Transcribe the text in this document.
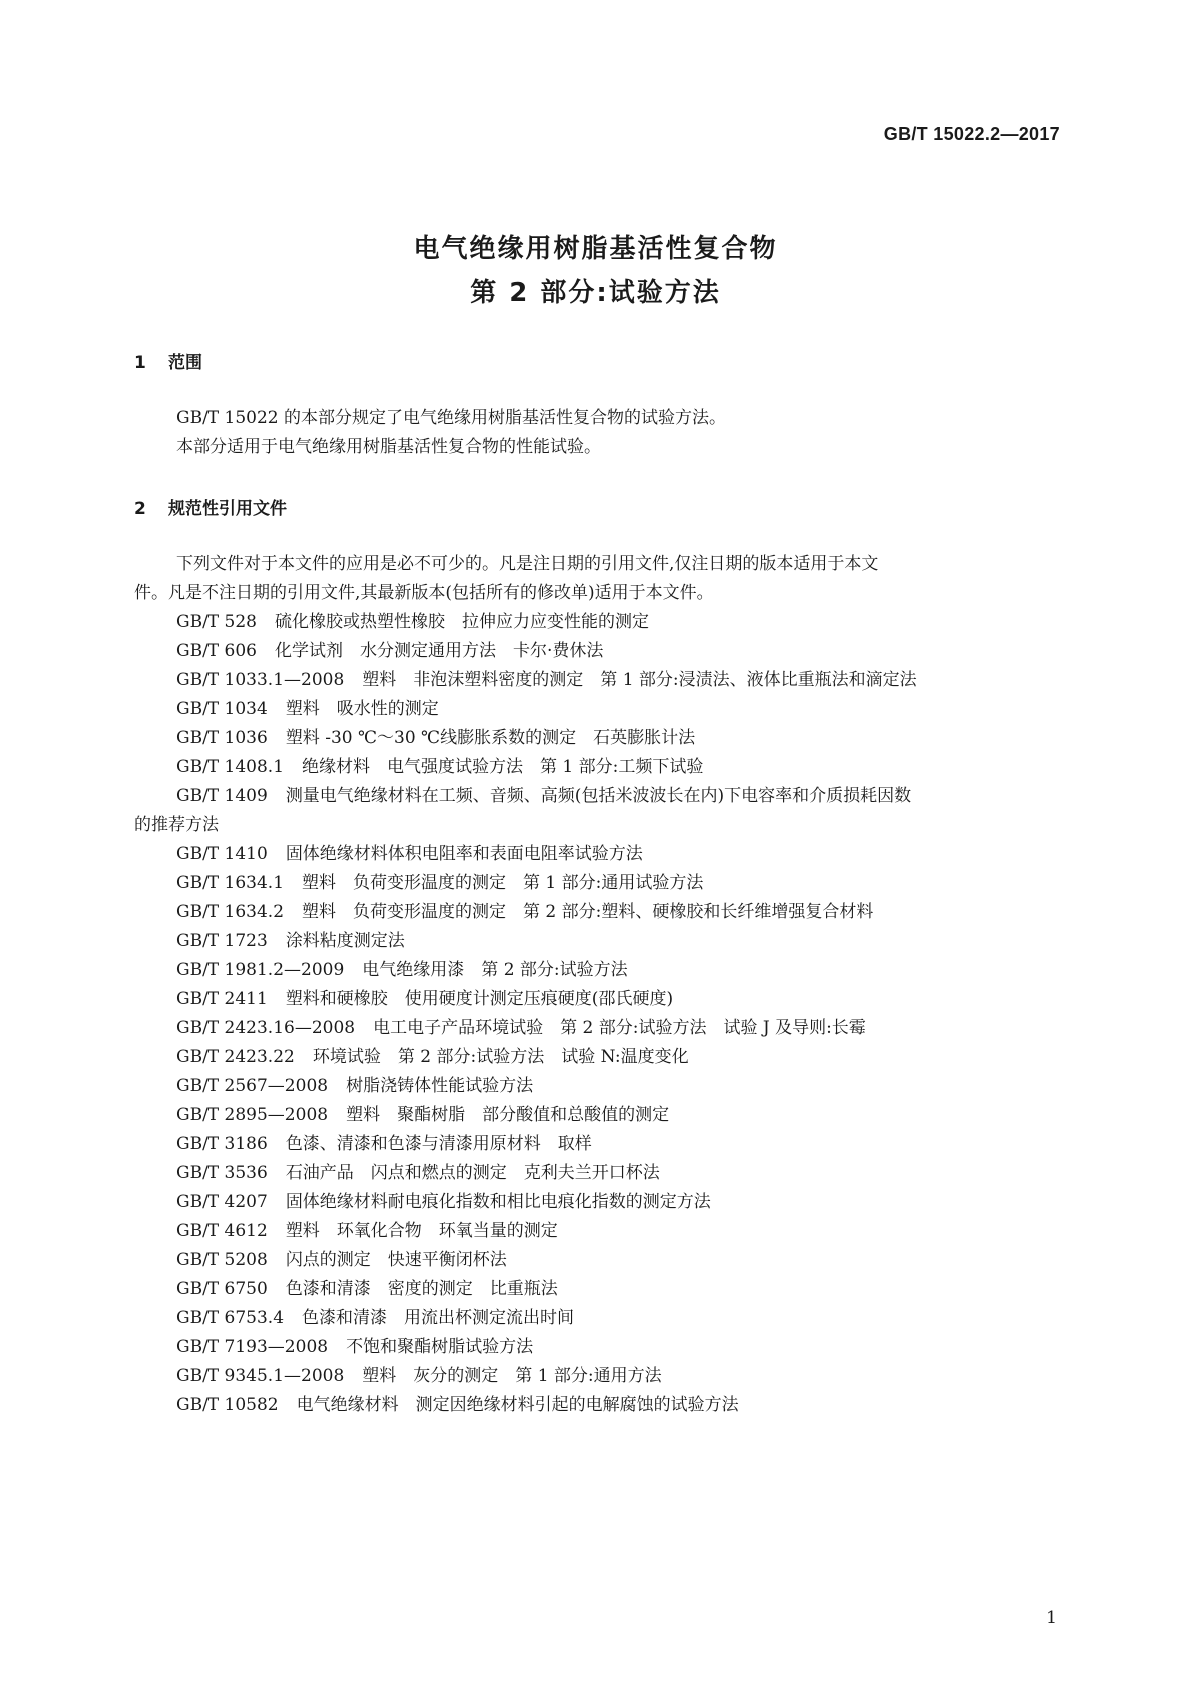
GB/T 15022.2—2017
电气绝缘用树脂基活性复合物
第 2 部分:试验方法
1 范围
GB/T 15022 的本部分规定了电气绝缘用树脂基活性复合物的试验方法。
本部分适用于电气绝缘用树脂基活性复合物的性能试验。
2 规范性引用文件
下列文件对于本文件的应用是必不可少的。凡是注日期的引用文件,仅注日期的版本适用于本文
件。凡是不注日期的引用文件,其最新版本(包括所有的修改单)适用于本文件。
GB/T 528 硫化橡胶或热塑性橡胶　拉伸应力应变性能的测定
GB/T 606 化学试剂　水分测定通用方法　卡尔·费休法
GB/T 1033.1—2008 塑料　非泡沫塑料密度的测定　第 1 部分:浸渍法、液体比重瓶法和滴定法
GB/T 1034 塑料　吸水性的测定
GB/T 1036 塑料 -30 ℃～30 ℃线膨胀系数的测定　石英膨胀计法
GB/T 1408.1 绝缘材料　电气强度试验方法　第 1 部分:工频下试验
GB/T 1409 测量电气绝缘材料在工频、音频、高频(包括米波波长在内)下电容率和介质损耗因数
的推荐方法
GB/T 1410 固体绝缘材料体积电阻率和表面电阻率试验方法
GB/T 1634.1 塑料　负荷变形温度的测定　第 1 部分:通用试验方法
GB/T 1634.2 塑料　负荷变形温度的测定　第 2 部分:塑料、硬橡胶和长纤维增强复合材料
GB/T 1723 涂料粘度测定法
GB/T 1981.2—2009 电气绝缘用漆　第 2 部分:试验方法
GB/T 2411 塑料和硬橡胶　使用硬度计测定压痕硬度(邵氏硬度)
GB/T 2423.16—2008 电工电子产品环境试验　第 2 部分:试验方法　试验 J 及导则:长霉
GB/T 2423.22 环境试验　第 2 部分:试验方法　试验 N:温度变化
GB/T 2567—2008 树脂浇铸体性能试验方法
GB/T 2895—2008 塑料　聚酯树脂　部分酸值和总酸值的测定
GB/T 3186 色漆、清漆和色漆与清漆用原材料　取样
GB/T 3536 石油产品　闪点和燃点的测定　克利夫兰开口杯法
GB/T 4207 固体绝缘材料耐电痕化指数和相比电痕化指数的测定方法
GB/T 4612 塑料　环氧化合物　环氧当量的测定
GB/T 5208 闪点的测定　快速平衡闭杯法
GB/T 6750 色漆和清漆　密度的测定　比重瓶法
GB/T 6753.4 色漆和清漆　用流出杯测定流出时间
GB/T 7193—2008 不饱和聚酯树脂试验方法
GB/T 9345.1—2008 塑料　灰分的测定　第 1 部分:通用方法
GB/T 10582 电气绝缘材料　测定因绝缘材料引起的电解腐蚀的试验方法
1
